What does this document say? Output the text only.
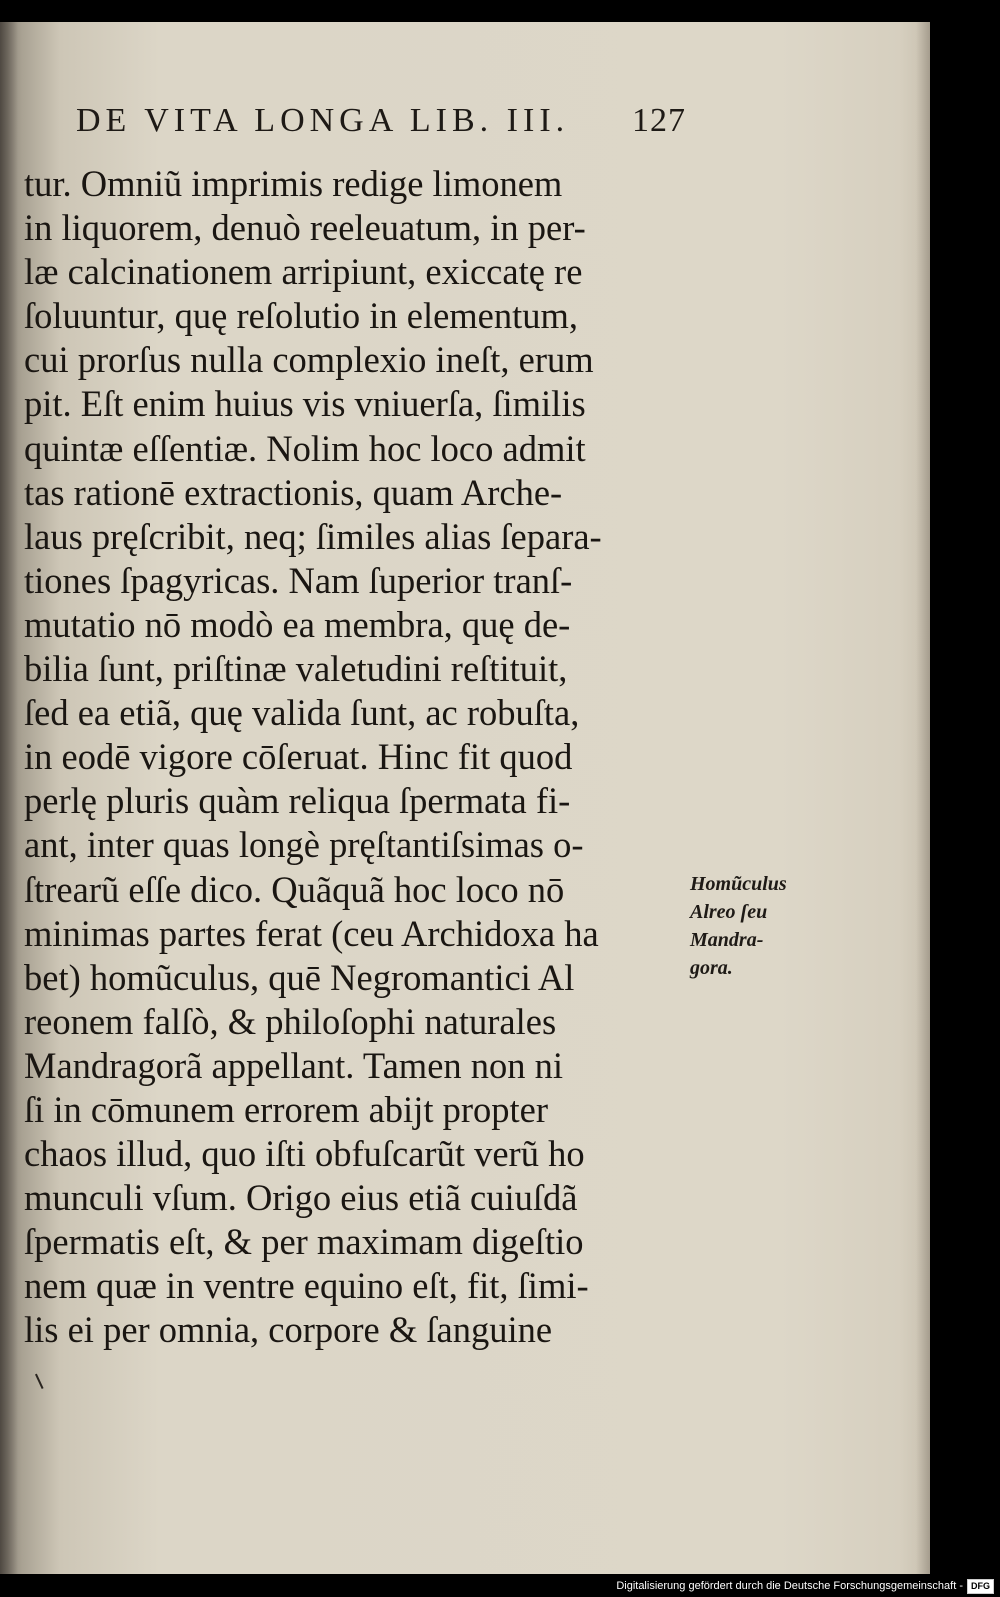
DE VITA LONGA LIB. III. 127
tur. Omniũ imprimis redige limonem
in liquorem, denuò reeleuatum, in per-
læ calcinationem arripiunt, exiccatę re
ſoluuntur, quę reſolutio in elementum,
cui prorſus nulla complexio ineſt, erum
pit. Eſt enim huius vis vniuerſa, ſimilis
quintæ eſſentiæ. Nolim hoc loco admit
tas rationē extractionis, quam Arche-
laus pręſcribit, neq; ſimiles alias ſepara-
tiones ſpagyricas. Nam ſuperior tranſ-
mutatio nō modò ea membra, quę de-
bilia ſunt, priſtinæ valetudini reſtituit,
ſed ea etiã, quę valida ſunt, ac robuſta,
in eodē vigore cōſeruat. Hinc fit quod
perlę pluris quàm reliqua ſpermata fi-
ant, inter quas longè pręſtantiſsimas o-
ſtrearũ eſſe dico. Quãquã hoc loco nō
minimas partes ferat (ceu Archidoxa ha
bet) homũculus, quē Negromantici Al
reonem falſò, & philoſophi naturales
Mandragorã appellant. Tamen non ni
ſi in cōmunem errorem abijt propter
chaos illud, quo iſti obfuſcarũt verũ ho
munculi vſum. Origo eius etiã cuiuſdã
ſpermatis eſt, & per maximam digeſtio
nem quæ in ventre equino eſt, fit, ſimi-
lis ei per omnia, corpore & ſanguine
Homũculus
Alreo ſeu
Mandra-
gora.
Digitalisierung gefördert durch die Deutsche Forschungsgemeinschaft - DFG
